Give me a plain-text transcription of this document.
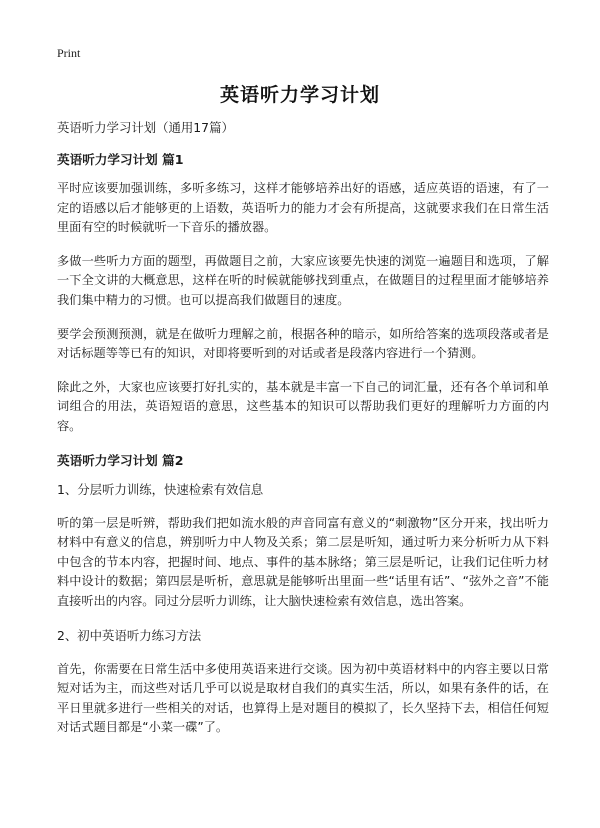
Print
英语听力学习计划

英语听力学习计划（通用17篇）

英语听力学习计划 篇1

平时应该要加强训练，多听多练习，这样才能够培养出好的语感，适应英语的语速，有了一定的语感以后才能够更的上语数，英语听力的能力才会有所提高，这就要求我们在日常生活里面有空的时候就听一下音乐的播放器。

多做一些听力方面的题型，再做题目之前，大家应该要先快速的浏览一遍题目和选项，了解一下全文讲的大概意思，这样在听的时候就能够找到重点，在做题目的过程里面才能够培养我们集中精力的习惯。也可以提高我们做题目的速度。

要学会预测预测，就是在做听力理解之前，根据各种的暗示，如所给答案的选项段落或者是对话标题等等已有的知识，对即将要听到的对话或者是段落内容进行一个猜测。

除此之外，大家也应该要打好扎实的，基本就是丰富一下自己的词汇量，还有各个单词和单词组合的用法，英语短语的意思，这些基本的知识可以帮助我们更好的理解听力方面的内容。

英语听力学习计划 篇2

1、分层听力训练，快速检索有效信息

听的第一层是听辨，帮助我们把如流水般的声音同富有意义的“刺激物”区分开来，找出听力材料中有意义的信息，辨别听力中人物及关系；第二层是听知，通过听力来分析听力从下料中包含的节本内容，把握时间、地点、事件的基本脉络；第三层是听记，让我们记住听力材料中设计的数据；第四层是听析，意思就是能够听出里面一些“话里有话”、“弦外之音”不能直接听出的内容。同过分层听力训练，让大脑快速检索有效信息，选出答案。

2、初中英语听力练习方法

首先，你需要在日常生活中多使用英语来进行交谈。因为初中英语材料中的内容主要以日常短对话为主，而这些对话几乎可以说是取材自我们的真实生活，所以，如果有条件的话，在平日里就多进行一些相关的对话，也算得上是对题目的模拟了，长久坚持下去，相信任何短对话式题目都是“小菜一碟”了。
